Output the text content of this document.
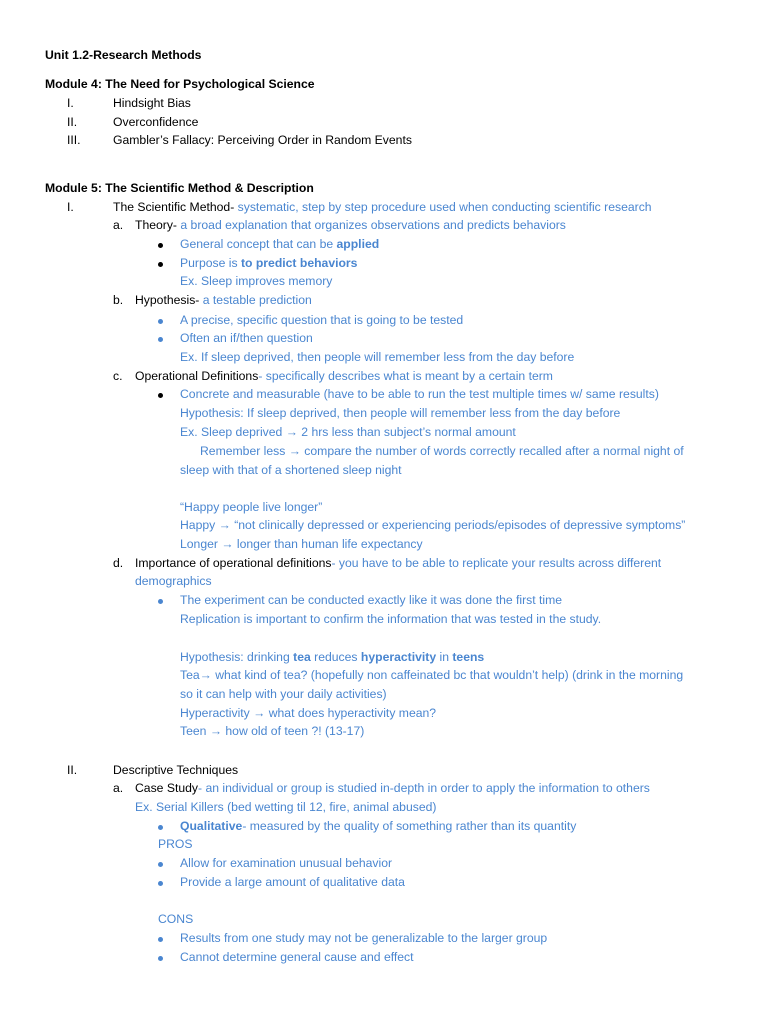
Unit 1.2-Research Methods
Module 4: The Need for Psychological Science
I.	Hindsight Bias
II.	Overconfidence
III.	Gambler’s Fallacy: Perceiving Order in Random Events
Module 5: The Scientific Method & Description
I.	The Scientific Method- systematic, step by step procedure used when conducting scientific research
a. Theory- a broad explanation that organizes observations and predicts behaviors
General concept that can be applied
Purpose is to predict behaviors
Ex. Sleep improves memory
b. Hypothesis- a testable prediction
A precise, specific question that is going to be tested
Often an if/then question
Ex. If sleep deprived, then people will remember less from the day before
c. Operational Definitions- specifically describes what is meant by a certain term
Concrete and measurable (have to be able to run the test multiple times w/ same results)
Hypothesis: If sleep deprived, then people will remember less from the day before
Ex. Sleep deprived → 2 hrs less than subject’s normal amount
Remember less → compare the number of words correctly recalled after a normal night of
sleep with that of a shortened sleep night
“Happy people live longer”
Happy → “not clinically depressed or experiencing periods/episodes of depressive symptoms”
Longer → longer than human life expectancy
d. Importance of operational definitions- you have to be able to replicate your results across different
demographics
The experiment can be conducted exactly like it was done the first time
Replication is important to confirm the information that was tested in the study.
Hypothesis: drinking tea reduces hyperactivity in teens
Tea→ what kind of tea? (hopefully non caffeinated bc that wouldn’t help) (drink in the morning
so it can help with your daily activities)
Hyperactivity → what does hyperactivity mean?
Teen → how old of teen ?! (13-17)
II.	Descriptive Techniques
a. Case Study- an individual or group is studied in-depth in order to apply the information to others
Ex. Serial Killers (bed wetting til 12, fire, animal abused)
Qualitative- measured by the quality of something rather than its quantity
PROS
Allow for examination unusual behavior
Provide a large amount of qualitative data
CONS
Results from one study may not be generalizable to the larger group
Cannot determine general cause and effect
